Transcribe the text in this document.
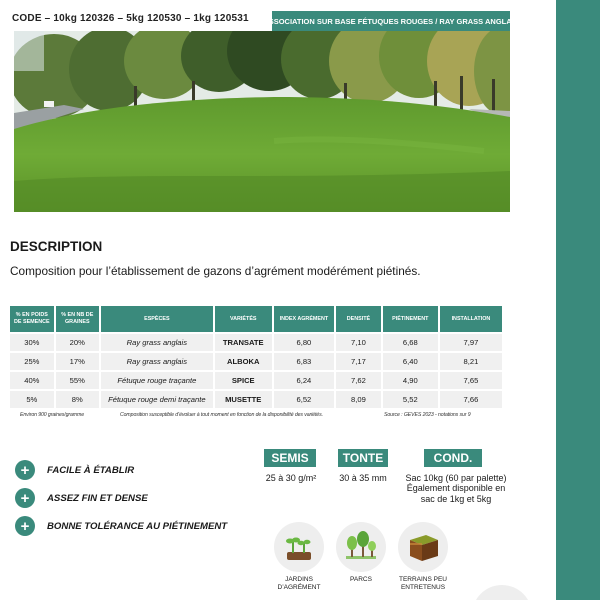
CODE – 10kg 120326 – 5kg 120530 – 1kg 120531 ASSOCIATION SUR BASE FÉTUQUES ROUGES / RAY GRASS ANGLAIS
DESCRIPTION
Composition pour l’établissement de gazons d’agrément modérément piétinés.
% EN POIDS DE SEMENCE	% EN NB DE GRAINES	ESPÈCES	VARIÉTÉS	INDEX AGRÉMENT	DENSITÉ	PIÉTINEMENT	INSTALLATION
30%	20%	Ray grass anglais	TRANSATE	6,80	7,10	6,68	7,97
25%	17%	Ray grass anglais	ALBOKA	6,83	7,17	6,40	8,21
40%	55%	Fétuque rouge traçante	SPICE	6,24	7,62	4,90	7,65
5%	8%	Fétuque rouge demi traçante	MUSETTE	6,52	8,09	5,52	7,66
Environ 900 graines/gramme	Composition susceptible d’évoluer à tout moment en fonction de la disponibilité des variétés.	Source : GEVES 2023 - notations sur 9
+	FACILE À ÉTABLIR
+	ASSEZ FIN ET DENSE
+	BONNE TOLÉRANCE AU PIÉTINEMENT
SEMIS	TONTE	COND.
25 à 30 g/m²	30 à 35 mm	Sac 10kg (60 par palette)
Également disponible en
sac de 1kg et 5kg
JARDINS
D’AGRÉMENT
PARCS	TERRAINS PEU
ENTRETENUS
